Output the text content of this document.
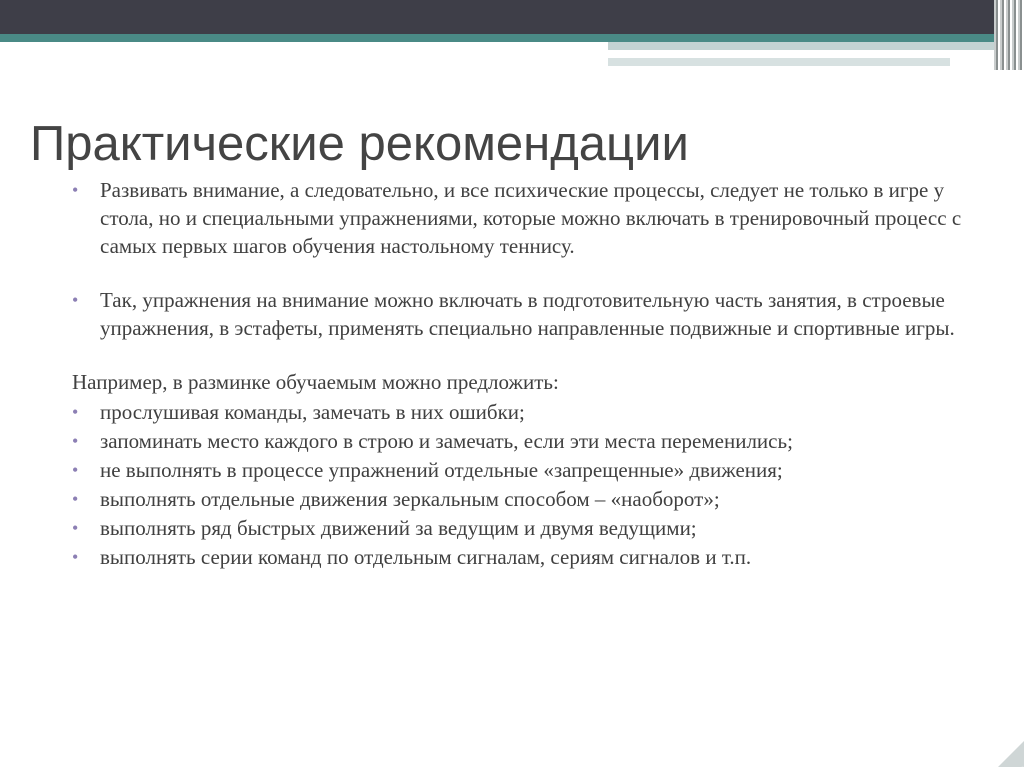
Практические рекомендации
• Развивать внимание, а следовательно, и все психические процессы, следует не только в игре у стола, но и специальными упражнениями, которые можно включать в тренировочный процесс с самых первых шагов обучения настольному теннису.
• Так, упражнения на внимание можно включать в подготовительную часть занятия, в строевые упражнения, в эстафеты, применять специально направленные подвижные и спортивные игры.

Например, в разминке обучаемым можно предложить:

• прослушивая команды, замечать в них ошибки;
• запоминать место каждого в строю и замечать, если эти места переменились;
• не выполнять в процессе упражнений отдельные «запрещенные» движения;
• выполнять отдельные движения зеркальным способом – «наоборот»;
• выполнять ряд быстрых движений за ведущим и двумя ведущими;
• выполнять серии команд по отдельным сигналам, сериям сигналов и т.п.
